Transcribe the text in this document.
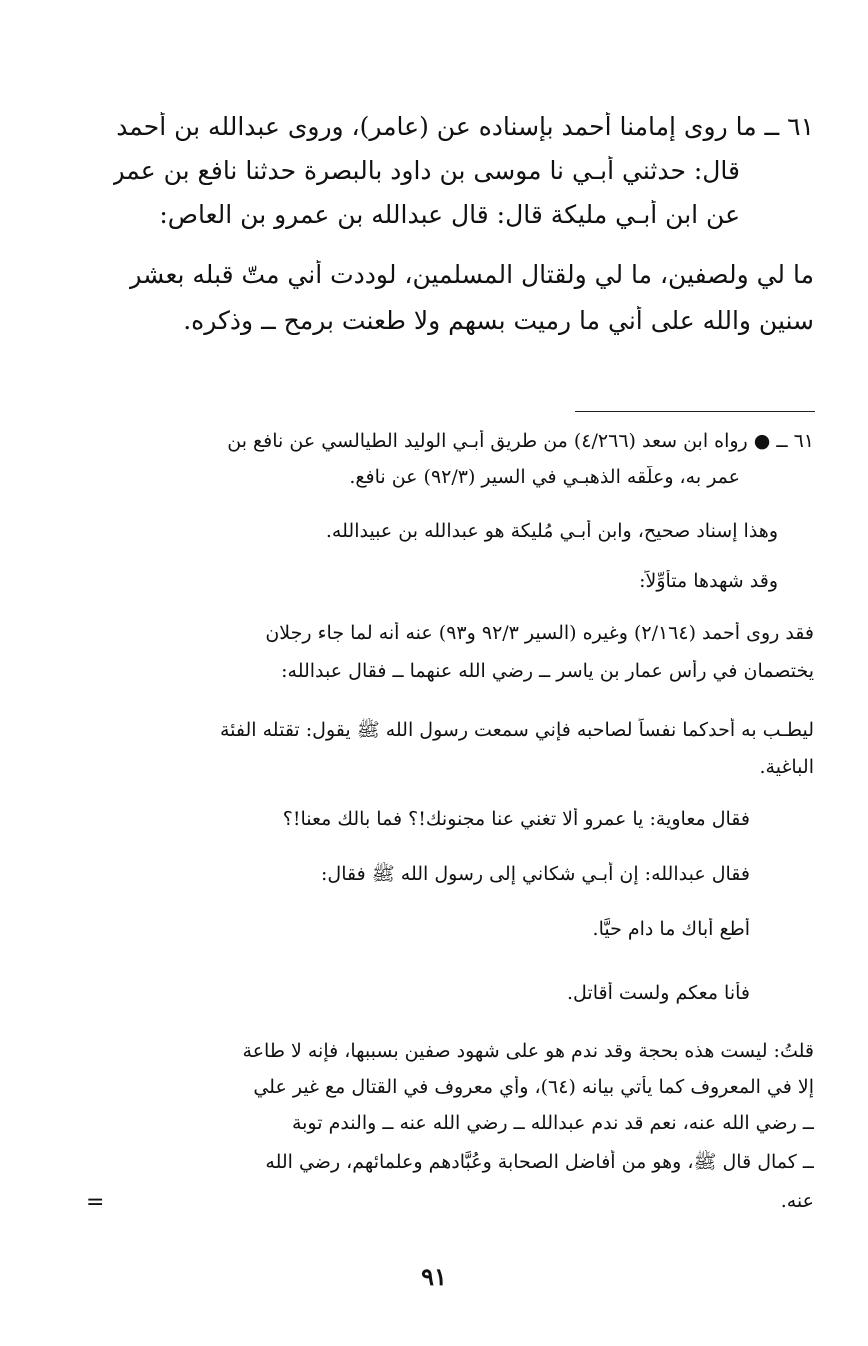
٦١ ــ ما روى إمامنا أحمد بإسناده عن (عامر)، وروى عبدالله بن أحمد
قال: حدثني أبـي نا موسى بن داود بالبصرة حدثنا نافع بن عمر
عن ابن أبـي مليكة قال: قال عبدالله بن عمرو بن العاص:
ما لي ولصفين، ما لي ولقتال المسلمين، لوددت أني متّ قبله بعشر
سنين والله على أني ما رميت بسهم ولا طعنت برمح ــ وذكره.
٦١ ــ ● رواه ابن سعد (٤/٢٦٦) من طريق أبـي الوليد الطيالسي عن نافع بن
عمر به، وعلّقه الذهبـي في السير (٩٢/٣) عن نافع.
وهذا إسناد صحيح، وابن أبـي مُليكة هو عبدالله بن عبيدالله.
وقد شهدها متأوِّلاً:
فقد روى أحمد (٢/١٦٤) وغيره (السير ٩٢/٣ و٩٣) عنه أنه لما جاء رجلان
يختصمان في رأس عمار بن ياسر ــ رضي الله عنهما ــ فقال عبدالله:
ليطـب به أحدكما نفساً لصاحبه فإني سمعت رسول الله ﷺ يقول: تقتله الفئة
الباغية.
فقال معاوية: يا عمرو ألا تغني عنا مجنونك!؟ فما بالك معنا!؟
فقال عبدالله: إن أبـي شكاني إلى رسول الله ﷺ فقال:
أطع أباك ما دام حيًّا.
فأنا معكم ولست أقاتل.
قلتُ: ليست هذه بحجة وقد ندم هو على شهود صفين بسببها، فإنه لا طاعة
إلا في المعروف كما يأتي بيانه (٦٤)، وأي معروف في القتال مع غير علي
ــ رضي الله عنه، نعم قد ندم عبدالله ــ رضي الله عنه ــ والندم توبة
ــ كمال قال ﷺ، وهو من أفاضل الصحابة وعُبَّادهم وعلمائهم، رضي الله
عنه.
=
٩١
